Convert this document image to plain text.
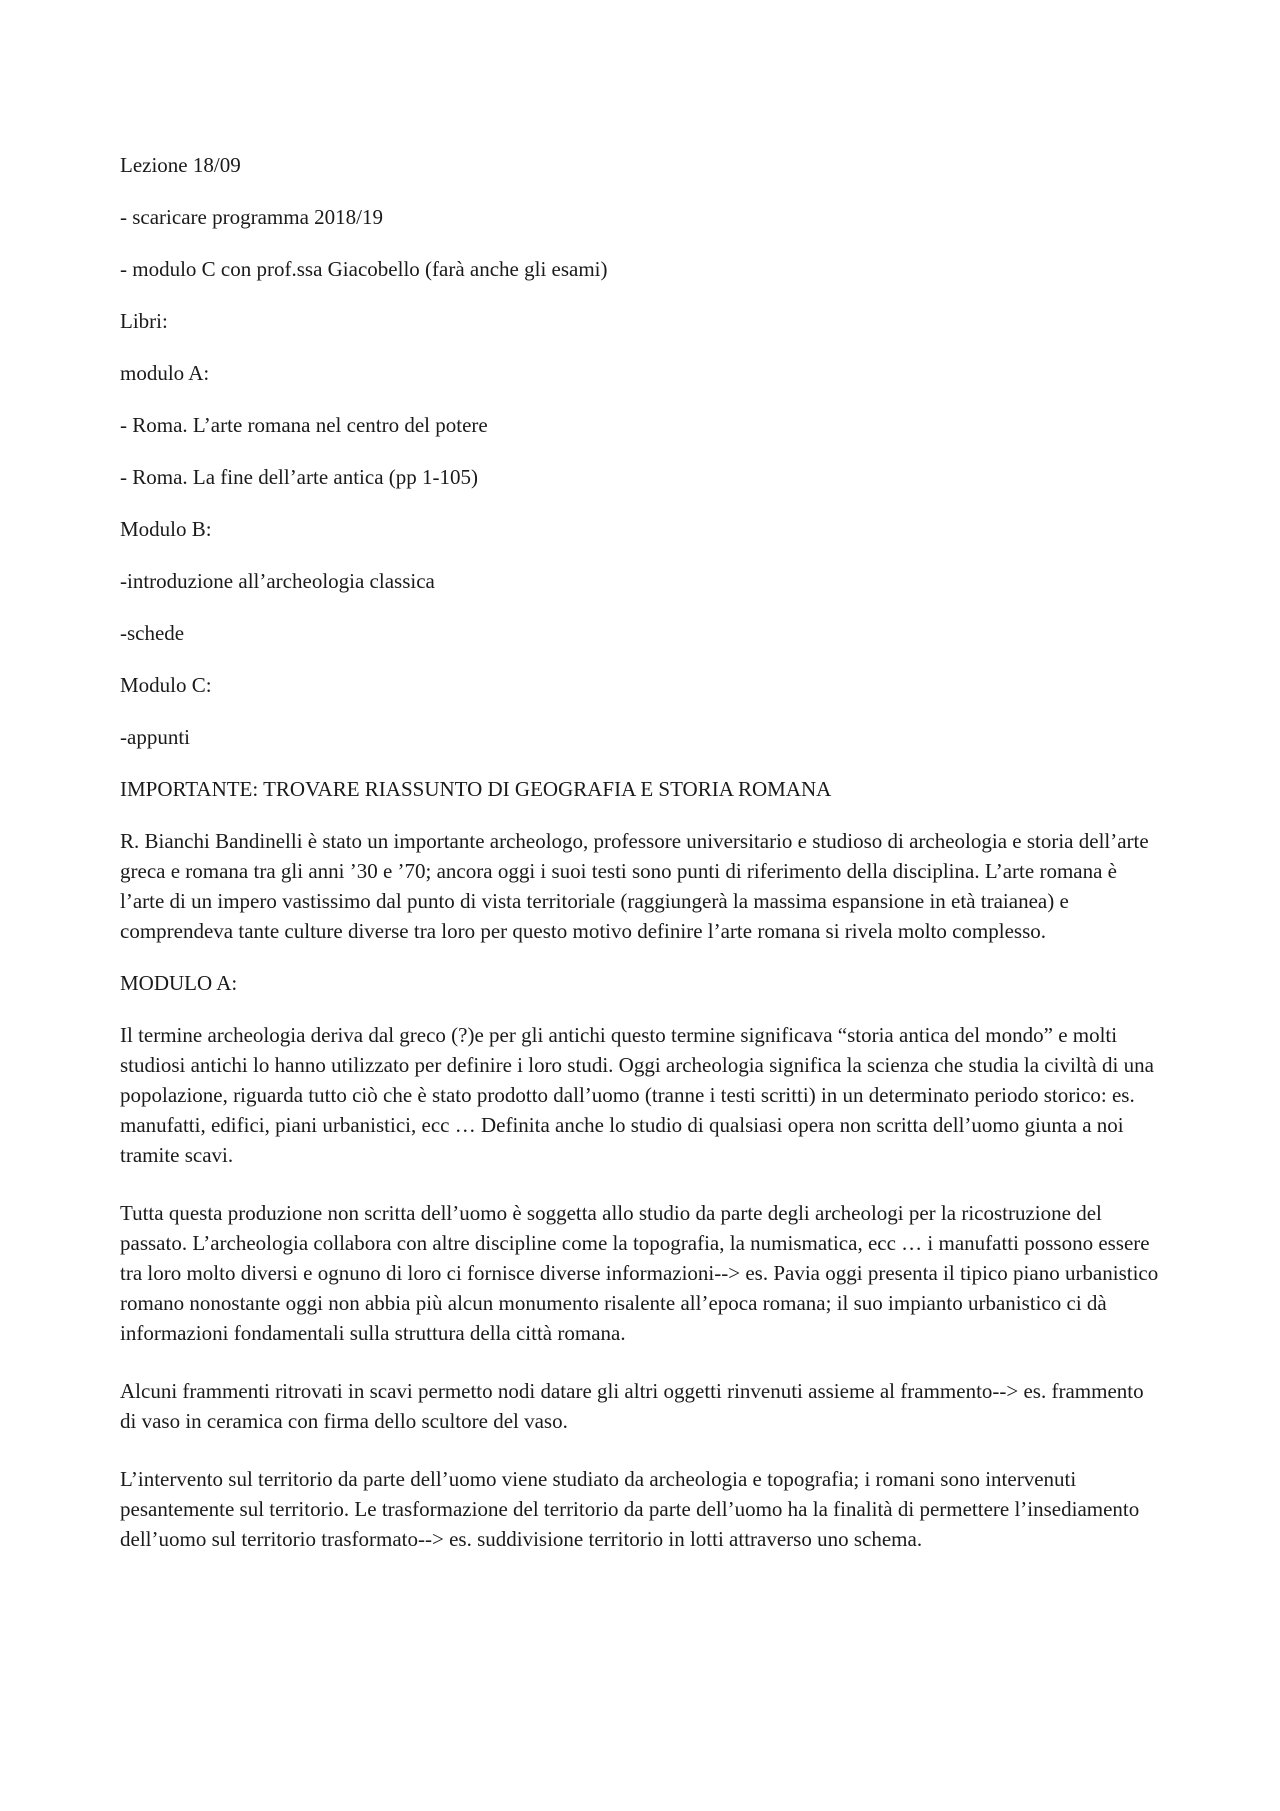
Lezione 18/09
- scaricare programma 2018/19
- modulo C con prof.ssa Giacobello (farà anche gli esami)
Libri:
modulo A:
- Roma. L’arte romana nel centro del potere
- Roma. La fine dell’arte antica (pp 1-105)
Modulo B:
-introduzione all’archeologia classica
-schede
Modulo C:
-appunti
IMPORTANTE: TROVARE RIASSUNTO DI GEOGRAFIA E STORIA ROMANA

R. Bianchi Bandinelli è stato un importante archeologo, professore universitario e studioso di archeologia e storia dell’arte greca e romana tra gli anni ’30 e ’70; ancora oggi i suoi testi sono punti di riferimento della disciplina. L’arte romana è l’arte di un impero vastissimo dal punto di vista territoriale (raggiungerà la massima espansione in età traianea) e comprendeva tante culture diverse tra loro per questo motivo definire l’arte romana si rivela molto complesso.

MODULO A:

Il termine archeologia deriva dal greco (?)e per gli antichi questo termine significava “storia antica del mondo” e molti studiosi antichi lo hanno utilizzato per definire i loro studi. Oggi archeologia significa la scienza che studia la civiltà di una popolazione, riguarda tutto ciò che è stato prodotto dall’uomo (tranne i testi scritti) in un determinato periodo storico: es. manufatti, edifici, piani urbanistici, ecc … Definita anche lo studio di qualsiasi opera non scritta dell’uomo giunta a noi tramite scavi.

Tutta questa produzione non scritta dell’uomo è soggetta allo studio da parte degli archeologi per la ricostruzione del passato. L’archeologia collabora con altre discipline come la topografia, la numismatica, ecc … i manufatti possono essere tra loro molto diversi e ognuno di loro ci fornisce diverse informazioni--> es. Pavia oggi presenta il tipico piano urbanistico romano nonostante oggi non abbia più alcun monumento risalente all’epoca romana; il suo impianto urbanistico ci dà informazioni fondamentali sulla struttura della città romana.

Alcuni frammenti ritrovati in scavi permetto nodi datare gli altri oggetti rinvenuti assieme al frammento--> es. frammento di vaso in ceramica con firma dello scultore del vaso.

L’intervento sul territorio da parte dell’uomo viene studiato da archeologia e topografia; i romani sono intervenuti pesantemente sul territorio. Le trasformazione del territorio da parte dell’uomo ha la finalità di permettere l’insediamento dell’uomo sul territorio trasformato--> es. suddivisione territorio in lotti attraverso uno schema.
